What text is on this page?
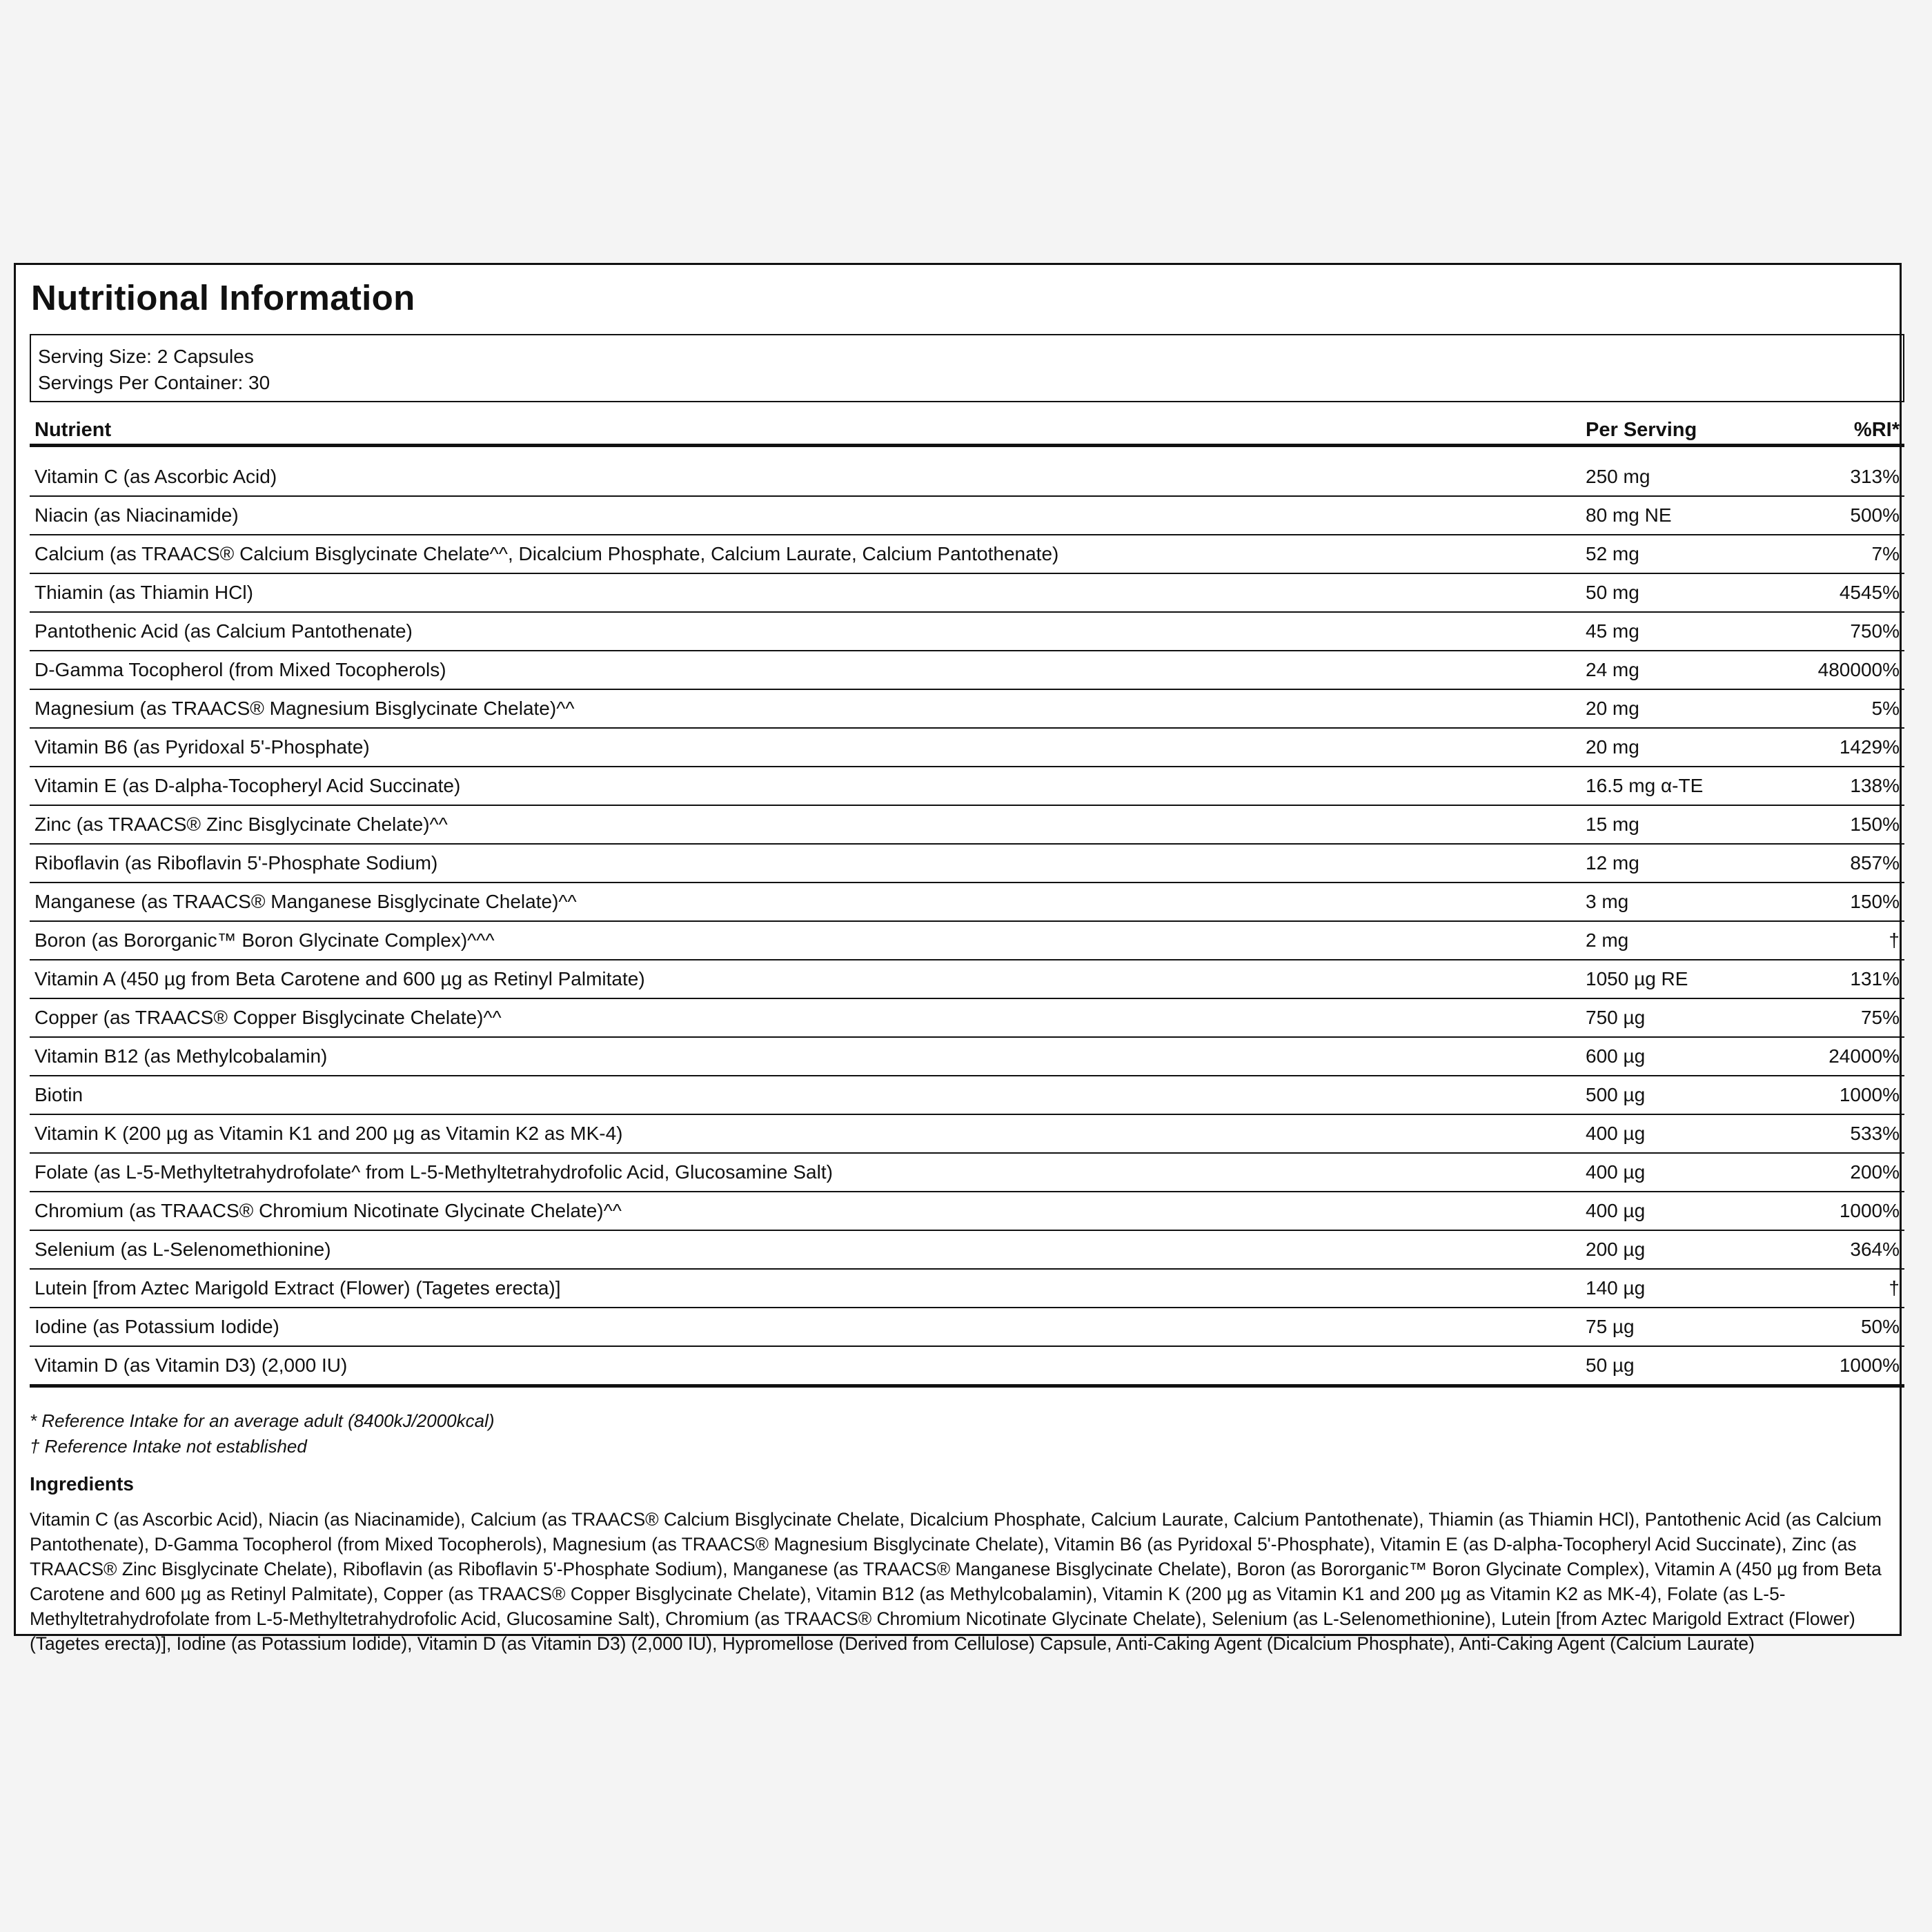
Nutritional Information
Serving Size: 2 Capsules
Servings Per Container: 30
Nutrient	Per Serving	%RI*
Vitamin C (as Ascorbic Acid)	250 mg	313%
Niacin (as Niacinamide)	80 mg NE	500%
Calcium (as TRAACS® Calcium Bisglycinate Chelate^^, Dicalcium Phosphate, Calcium Laurate, Calcium Pantothenate)	52 mg	7%
Thiamin (as Thiamin HCl)	50 mg	4545%
Pantothenic Acid (as Calcium Pantothenate)	45 mg	750%
D-Gamma Tocopherol (from Mixed Tocopherols)	24 mg	480000%
Magnesium (as TRAACS® Magnesium Bisglycinate Chelate)^^	20 mg	5%
Vitamin B6 (as Pyridoxal 5'-Phosphate)	20 mg	1429%
Vitamin E (as D-alpha-Tocopheryl Acid Succinate)	16.5 mg α-TE	138%
Zinc (as TRAACS® Zinc Bisglycinate Chelate)^^	15 mg	150%
Riboflavin (as Riboflavin 5'-Phosphate Sodium)	12 mg	857%
Manganese (as TRAACS® Manganese Bisglycinate Chelate)^^	3 mg	150%
Boron (as Bororganic™ Boron Glycinate Complex)^^^	2 mg	†
Vitamin A (450 µg from Beta Carotene and 600 µg as Retinyl Palmitate)	1050 µg RE	131%
Copper (as TRAACS® Copper Bisglycinate Chelate)^^	750 µg	75%
Vitamin B12 (as Methylcobalamin)	600 µg	24000%
Biotin	500 µg	1000%
Vitamin K (200 µg as Vitamin K1 and 200 µg as Vitamin K2 as MK-4)	400 µg	533%
Folate (as L-5-Methyltetrahydrofolate^ from L-5-Methyltetrahydrofolic Acid, Glucosamine Salt)	400 µg	200%
Chromium (as TRAACS® Chromium Nicotinate Glycinate Chelate)^^	400 µg	1000%
Selenium (as L-Selenomethionine)	200 µg	364%
Lutein [from Aztec Marigold Extract (Flower) (Tagetes erecta)]	140 µg	†
Iodine (as Potassium Iodide)	75 µg	50%
Vitamin D (as Vitamin D3) (2,000 IU)	50 µg	1000%
* Reference Intake for an average adult (8400kJ/2000kcal)
† Reference Intake not established
Ingredients
Vitamin C (as Ascorbic Acid), Niacin (as Niacinamide), Calcium (as TRAACS® Calcium Bisglycinate Chelate, Dicalcium Phosphate, Calcium Laurate, Calcium Pantothenate), Thiamin (as Thiamin HCl), Pantothenic Acid (as Calcium Pantothenate), D-Gamma Tocopherol (from Mixed Tocopherols), Magnesium (as TRAACS® Magnesium Bisglycinate Chelate), Vitamin B6 (as Pyridoxal 5'-Phosphate), Vitamin E (as D-alpha-Tocopheryl Acid Succinate), Zinc (as TRAACS® Zinc Bisglycinate Chelate), Riboflavin (as Riboflavin 5'-Phosphate Sodium), Manganese (as TRAACS® Manganese Bisglycinate Chelate), Boron (as Bororganic™ Boron Glycinate Complex), Vitamin A (450 µg from Beta Carotene and 600 µg as Retinyl Palmitate), Copper (as TRAACS® Copper Bisglycinate Chelate), Vitamin B12 (as Methylcobalamin), Vitamin K (200 µg as Vitamin K1 and 200 µg as Vitamin K2 as MK-4), Folate (as L-5-Methyltetrahydrofolate from L-5-Methyltetrahydrofolic Acid, Glucosamine Salt), Chromium (as TRAACS® Chromium Nicotinate Glycinate Chelate), Selenium (as L-Selenomethionine), Lutein [from Aztec Marigold Extract (Flower) (Tagetes erecta)], Iodine (as Potassium Iodide), Vitamin D (as Vitamin D3) (2,000 IU), Hypromellose (Derived from Cellulose) Capsule, Anti-Caking Agent (Dicalcium Phosphate), Anti-Caking Agent (Calcium Laurate)
